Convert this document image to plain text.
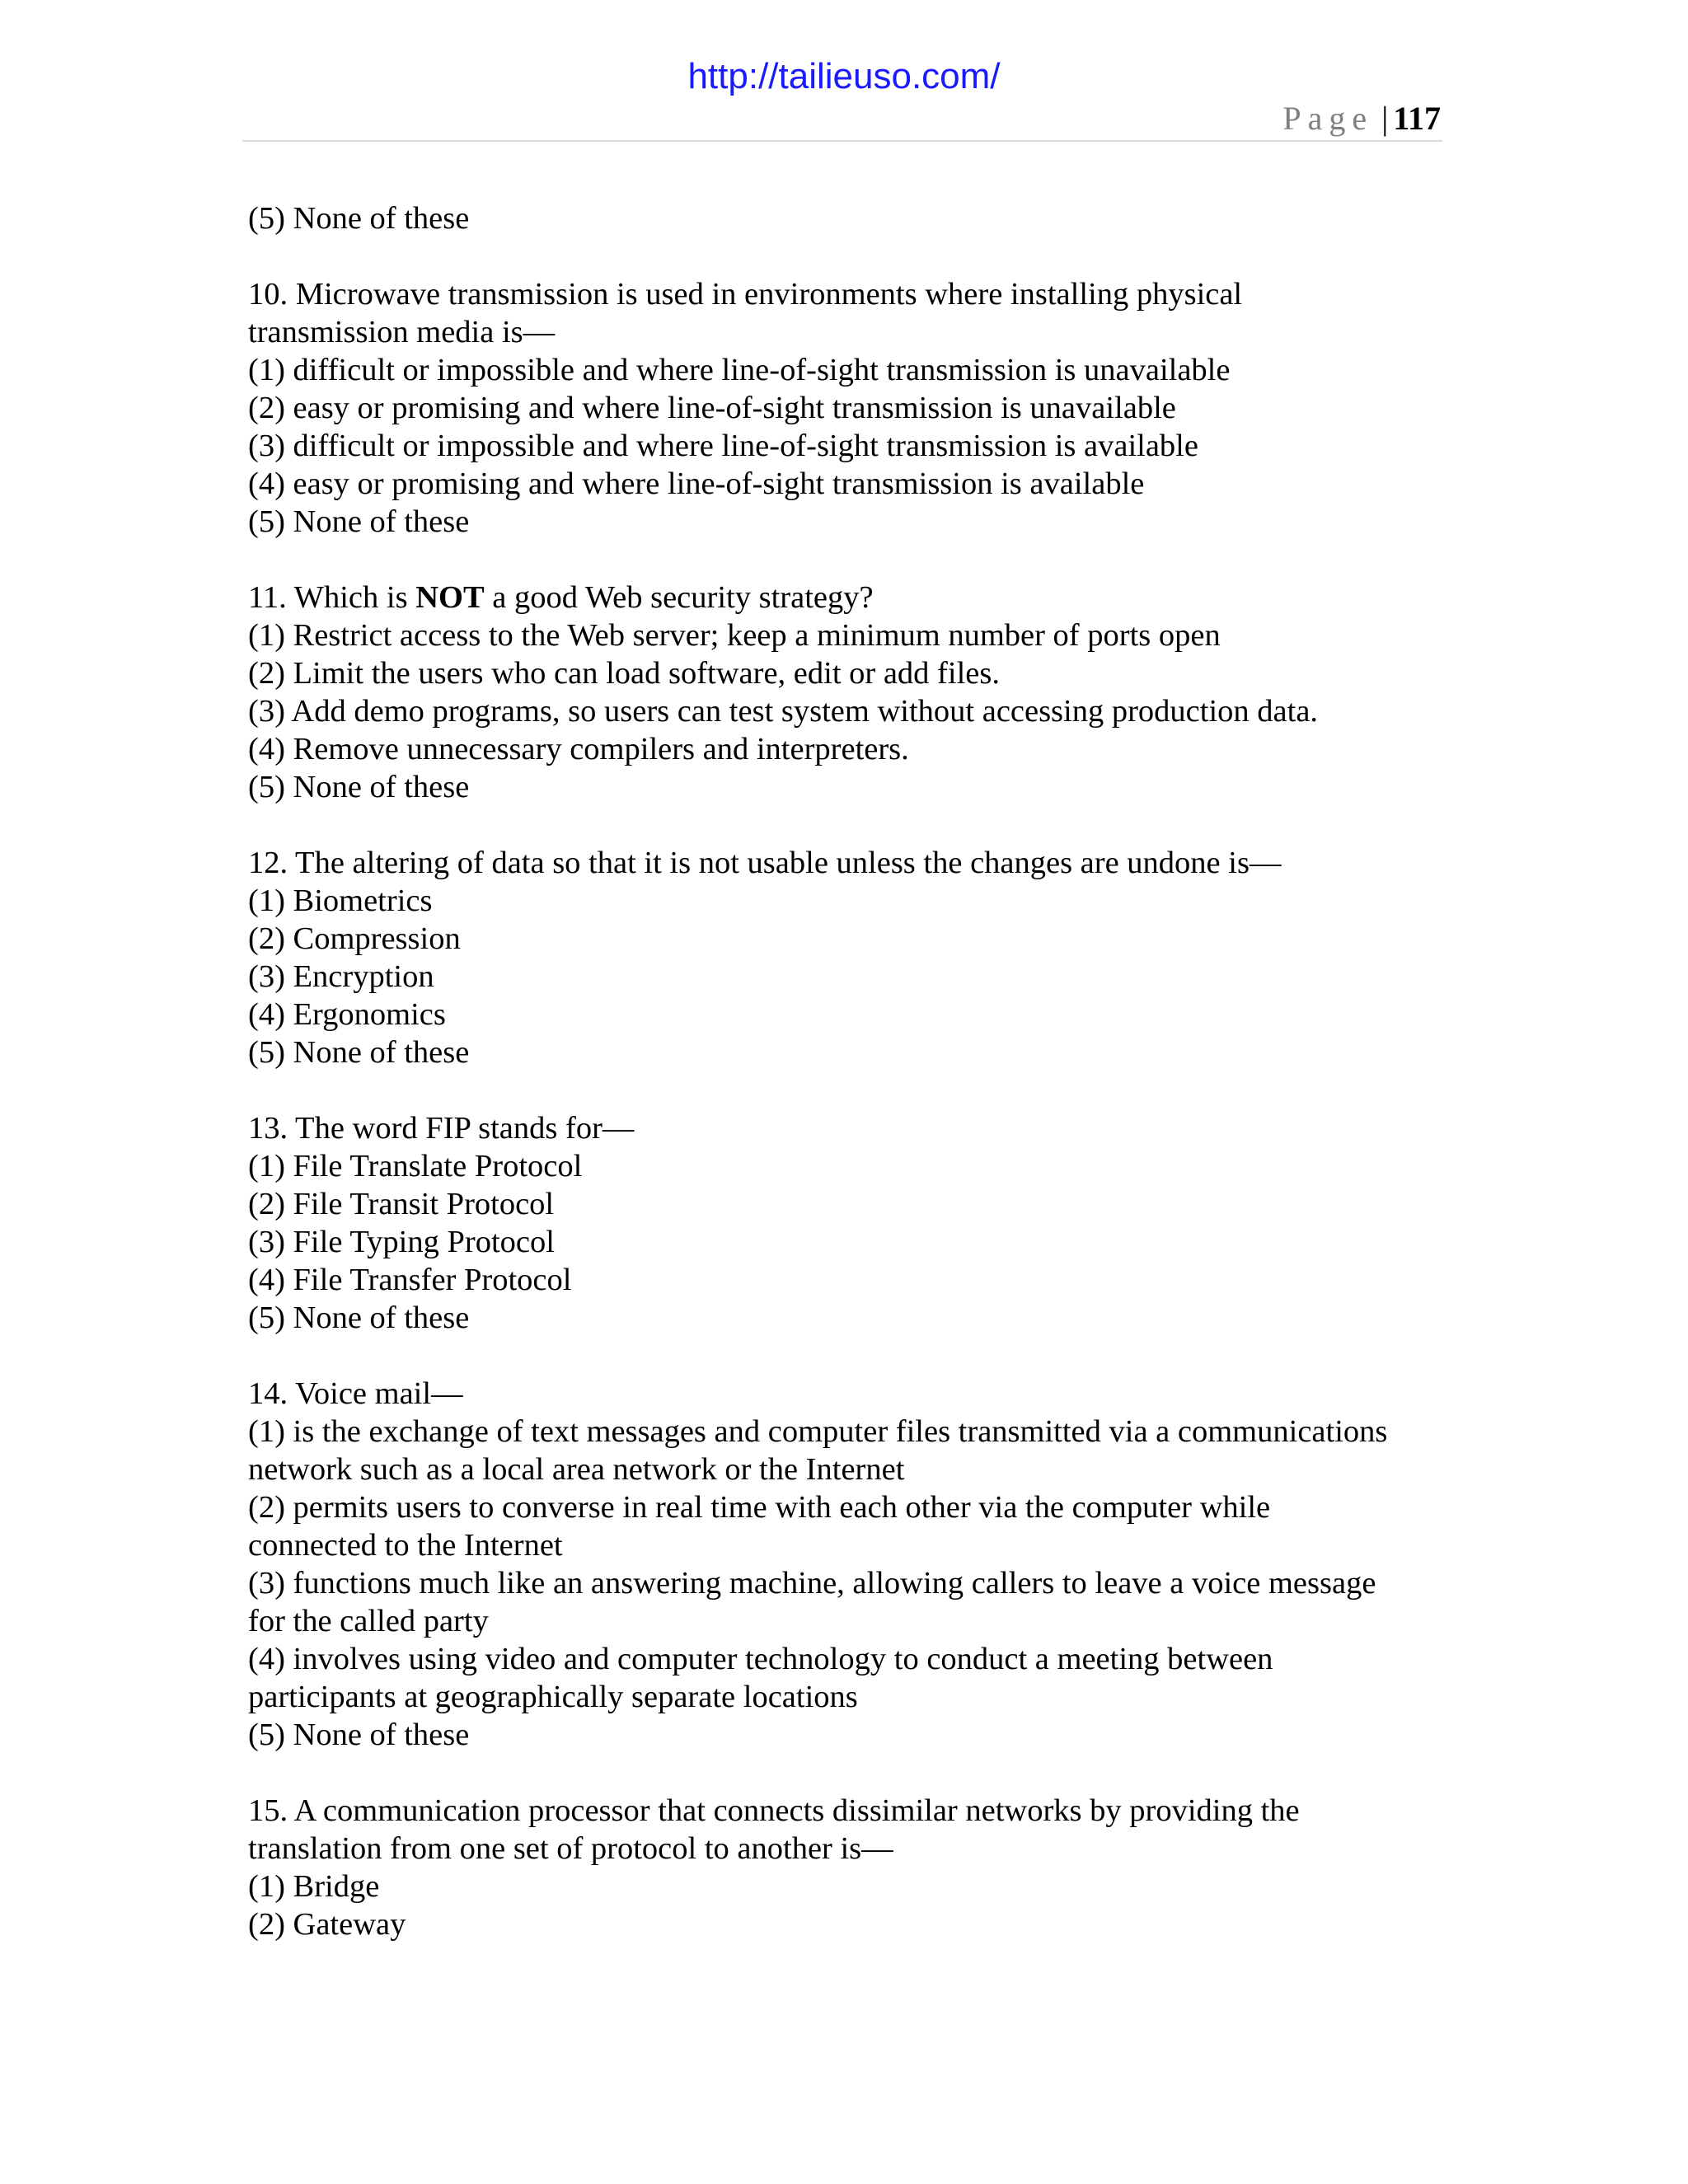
http://tailieuso.com/
Page | 117
(5) None of these
10. Microwave transmission is used in environments where installing physical
transmission media is—
(1) difficult or impossible and where line-of-sight transmission is unavailable
(2) easy or promising and where line-of-sight transmission is unavailable
(3) difficult or impossible and where line-of-sight transmission is available
(4) easy or promising and where line-of-sight transmission is available
(5) None of these
11. Which is NOT a good Web security strategy?
(1) Restrict access to the Web server; keep a minimum number of ports open
(2) Limit the users who can load software, edit or add files.
(3) Add demo programs, so users can test system without accessing production data.
(4) Remove unnecessary compilers and interpreters.
(5) None of these
12. The altering of data so that it is not usable unless the changes are undone is—
(1) Biometrics
(2) Compression
(3) Encryption
(4) Ergonomics
(5) None of these
13. The word FIP stands for—
(1) File Translate Protocol
(2) File Transit Protocol
(3) File Typing Protocol
(4) File Transfer Protocol
(5) None of these
14. Voice mail—
(1) is the exchange of text messages and computer files transmitted via a communications
network such as a local area network or the Internet
(2) permits users to converse in real time with each other via the computer while
connected to the Internet
(3) functions much like an answering machine, allowing callers to leave a voice message
for the called party
(4) involves using video and computer technology to conduct a meeting between
participants at geographically separate locations
(5) None of these
15. A communication processor that connects dissimilar networks by providing the
translation from one set of protocol to another is—
(1) Bridge
(2) Gateway
